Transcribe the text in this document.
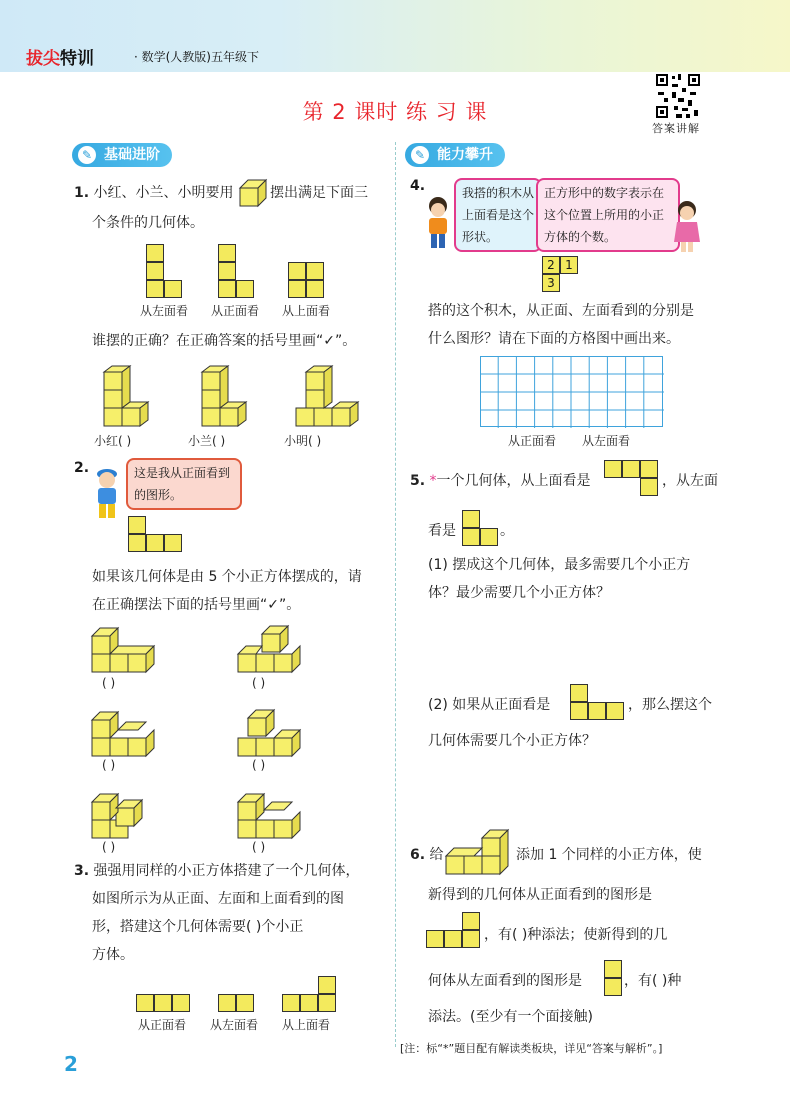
拔尖特训	· 数学(人教版)五年级下
第 2 课时 练 习 课
答案讲解
✎ 基础进阶	✎ 能力攀升
1. 小红、小兰、小明要用	摆出满足下面三
个条件的几何体。
从左面看 从正面看 从上面看
谁摆的正确？在正确答案的括号里画“✓”。
小红( )	小兰( )	小明( )
2.	这是我从正面看到的图形。
如果该几何体是由 5 个小正方体摆成的，请
在正确摆法下面的括号里画“✓”。
( )	( )
( )	( )
( )	( )
3. 强强用同样的小正方体搭建了一个几何体，
如图所示为从正面、左面和上面看到的图
形，搭建这个几何体需要( )个小正
方体。
从正面看 从左面看 从上面看
4.	我搭的积木从上面看是这个形状。
正方形中的数字表示在这个位置上所用的小正方体的个数。
2 1
3
搭的这个积木，从正面、左面看到的分别是
什么图形？请在下面的方格图中画出来。
从正面看 从左面看
5. *一个几何体，从上面看是	，从左面
看是	。
(1) 摆成这个几何体，最多需要几个小正方
体？最少需要几个小正方体？
(2) 如果从正面看是	，那么摆这个
几何体需要几个小正方体？
6. 给	添加 1 个同样的小正方体，使
新得到的几何体从正面看到的图形是
，有( )种添法；使新得到的几
何体从左面看到的图形是	，有( )种
添法。(至少有一个面接触)
[注：标“*”题目配有解读类板块，详见“答案与解析”。]
2
